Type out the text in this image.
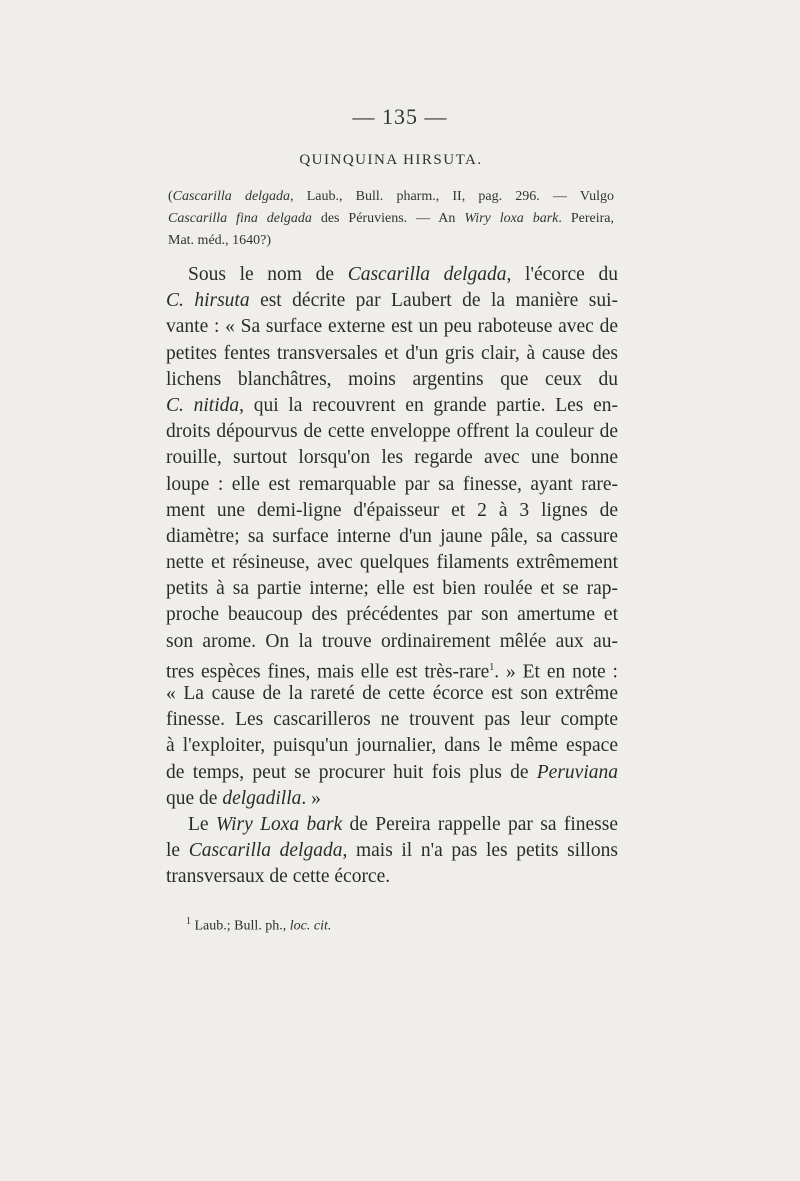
— 135 —
QUINQUINA HIRSUTA.
(Cascarilla delgada, Laub., Bull. pharm., II, pag. 296. — Vulgo
Cascarilla fina delgada des Péruviens. — An Wiry loxa bark. Pereira,
Mat. méd., 1640?)
Sous le nom de Cascarilla delgada, l'écorce du
C. hirsuta est décrite par Laubert de la manière sui-
vante : « Sa surface externe est un peu raboteuse avec de
petites fentes transversales et d'un gris clair, à cause des
lichens blanchâtres, moins argentins que ceux du
C. nitida, qui la recouvrent en grande partie. Les en-
droits dépourvus de cette enveloppe offrent la couleur de
rouille, surtout lorsqu'on les regarde avec une bonne
loupe : elle est remarquable par sa finesse, ayant rare-
ment une demi-ligne d'épaisseur et 2 à 3 lignes de
diamètre; sa surface interne d'un jaune pâle, sa cassure
nette et résineuse, avec quelques filaments extrêmement
petits à sa partie interne; elle est bien roulée et se rap-
proche beaucoup des précédentes par son amertume et
son arome. On la trouve ordinairement mêlée aux au-
tres espèces fines, mais elle est très-rare$^1$. » Et en note :
« La cause de la rareté de cette écorce est son extrême
finesse. Les cascarilleros ne trouvent pas leur compte
à l'exploiter, puisqu'un journalier, dans le même espace
de temps, peut se procurer huit fois plus de Peruviana
que de delgadilla. »
Le Wiry Loxa bark de Pereira rappelle par sa finesse
le Cascarilla delgada, mais il n'a pas les petits sillons
transversaux de cette écorce.
$^1$ Laub.; Bull. ph., loc. cit.
